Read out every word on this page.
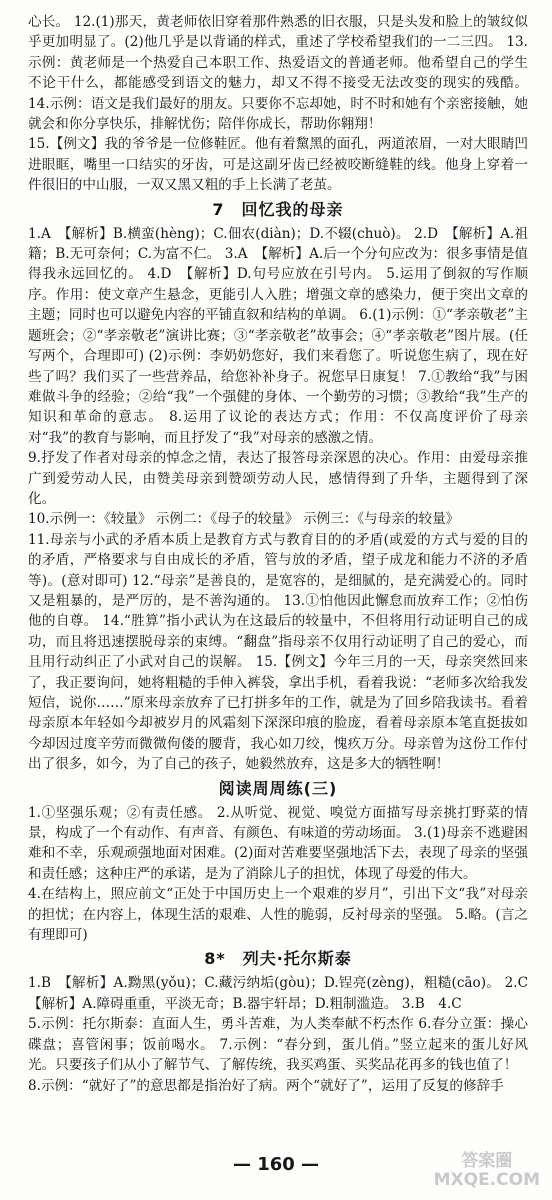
心长。 12.(1)那天，黄老师依旧穿着那件熟悉的旧衣服，只是头发和脸上的皱纹似乎更加明显了。(2)他几乎是以背诵的样式，重述了学校希望我们的一二三四。 13.示例：黄老师是一个热爱自己本职工作、热爱语文的普通老师。他希望自己的学生不论干什么，都能感受到语文的魅力，却又不得不接受无法改变的现实的残酷。 14.示例：语文是我们最好的朋友。只要你不忘却她，时不时和她有个亲密接触，她就会和你分享快乐，排解忧伤；陪伴你成长，帮助你翱翔！

15.【例文】我的爷爷是一位修鞋匠。他有着黧黑的面孔，两道浓眉，一对大眼睛凹进眼眶，嘴里一口结实的牙齿，可是这副牙齿已经被咬断缝鞋的线。他身上穿着一件很旧的中山服，一双又黑又粗的手上长满了老茧。

7　回忆我的母亲

1.A　【解析】B.横蛮(hèng)；C.佃农(diàn)；D.不辍(chuò)。 2.D　【解析】A.祖籍；B.无可奈何；C.为富不仁。 3.A　【解析】A.后一个分句应改为：很多事情是值得我永远回忆的。 4.D　【解析】D.句号应放在引号内。 5.运用了倒叙的写作顺序。作用：使文章产生悬念，更能引人入胜；增强文章的感染力，便于突出文章的主题；同时也可以避免内容的平铺直叙和结构的单调。 6.(1)示例：①“孝亲敬老”主题班会；②“孝亲敬老”演讲比赛；③“孝亲敬老”故事会；④“孝亲敬老”图片展。(任写两个，合理即可) (2)示例：李奶奶您好，我们来看您了。听说您生病了，现在好些了吗？我们买了一些营养品，给您补补身子。祝您早日康复！ 7.①教给“我”与困难做斗争的经验；②给“我”一个强健的身体、一个勤劳的习惯；③教给“我”生产的知识和革命的意志。 8.运用了议论的表达方式；作用：不仅高度评价了母亲对“我”的教育与影响，而且抒发了“我”对母亲的感激之情。

9.抒发了作者对母亲的悼念之情，表达了报答母亲深恩的决心。作用：由爱母亲推广到爱劳动人民，由赞美母亲到赞颂劳动人民，感情得到了升华，主题得到了深化。

10.示例一：《较量》 示例二：《母子的较量》 示例三：《与母亲的较量》

11.母亲与小武的矛盾本质上是教育方式与教育目的的矛盾(或爱的方式与爱的目的的矛盾，严格要求与自由成长的矛盾，管与放的矛盾，望子成龙和能力不济的矛盾等)。(意对即可) 12.“母亲”是善良的，是宽容的，是细腻的，是充满爱心的。同时又是粗暴的，是严厉的，是不善沟通的。 13.①怕他因此懈怠而放弃工作；②怕伤他的自尊。 14.“胜算”指小武认为在这最后的较量中，不但将用行动证明自己的成功，而且将迅速摆脱母亲的束缚。“翻盘”指母亲不仅用行动证明了自己的爱心，而且用行动纠正了小武对自己的误解。 15.【例文】今年三月的一天，母亲突然回来了，我正要询问，她将粗糙的手伸入裤袋，拿出手机，看着我说：“老师多次给我发短信，说你……”原来母亲放弃了已打拼多年的工作，就是为了回乡陪我读书。看着母亲原本年轻如今却被岁月的风霜刻下深深印痕的脸庞，看着母亲原本笔直挺拔如今却因过度辛劳而微微佝偻的腰背，我心如刀绞，愧疚万分。母亲曾为这份工作付出了很多，如今，为了自己的孩子，她毅然放弃，这是多大的牺牲啊！

阅读周周练(三)

1.①坚强乐观；②有责任感。 2.从听觉、视觉、嗅觉方面描写母亲挑打野菜的情景，构成了一个有动作、有声音、有颜色、有味道的劳动场面。 3.(1)母亲不逃避困难和不幸，乐观顽强地面对困难。(2)面对苦难要坚强地活下去，表现了母亲的坚强和责任感；这种庄严的承诺，是为了消除儿子的担忧，体现了母爱的伟大。

4.在结构上，照应前文“正处于中国历史上一个艰难的岁月”，引出下文“我”对母亲的担忧；在内容上，体现生活的艰难、人性的脆弱，反衬母亲的坚强。 5.略。(言之有理即可)

8*　列夫·托尔斯泰

1.B　【解析】A.黝黑(yǒu)；C.藏污纳垢(gòu)；D.锃亮(zèng)，粗糙(cāo)。 2.C　【解析】A.障碍重重，平淡无奇；B.器宇轩昂；D.粗制滥造。 3.B　4.C

5.示例：托尔斯泰：直面人生，勇斗苦难，为人类奉献不朽杰作 6.春分立蛋：操心碟盘；喜管闲事；饭前喝水。 7.示例：“春分到，蛋儿俏。”竖立起来的蛋儿好风光。只要孩子们从小了解节气、了解传统，我买鸡蛋、买奖品花再多的钱也值了！

8.示例：“就好了”的意思都是指治好了病。两个“就好了”，运用了反复的修辞手

— 160 —	答案圈
MXQE.COM
